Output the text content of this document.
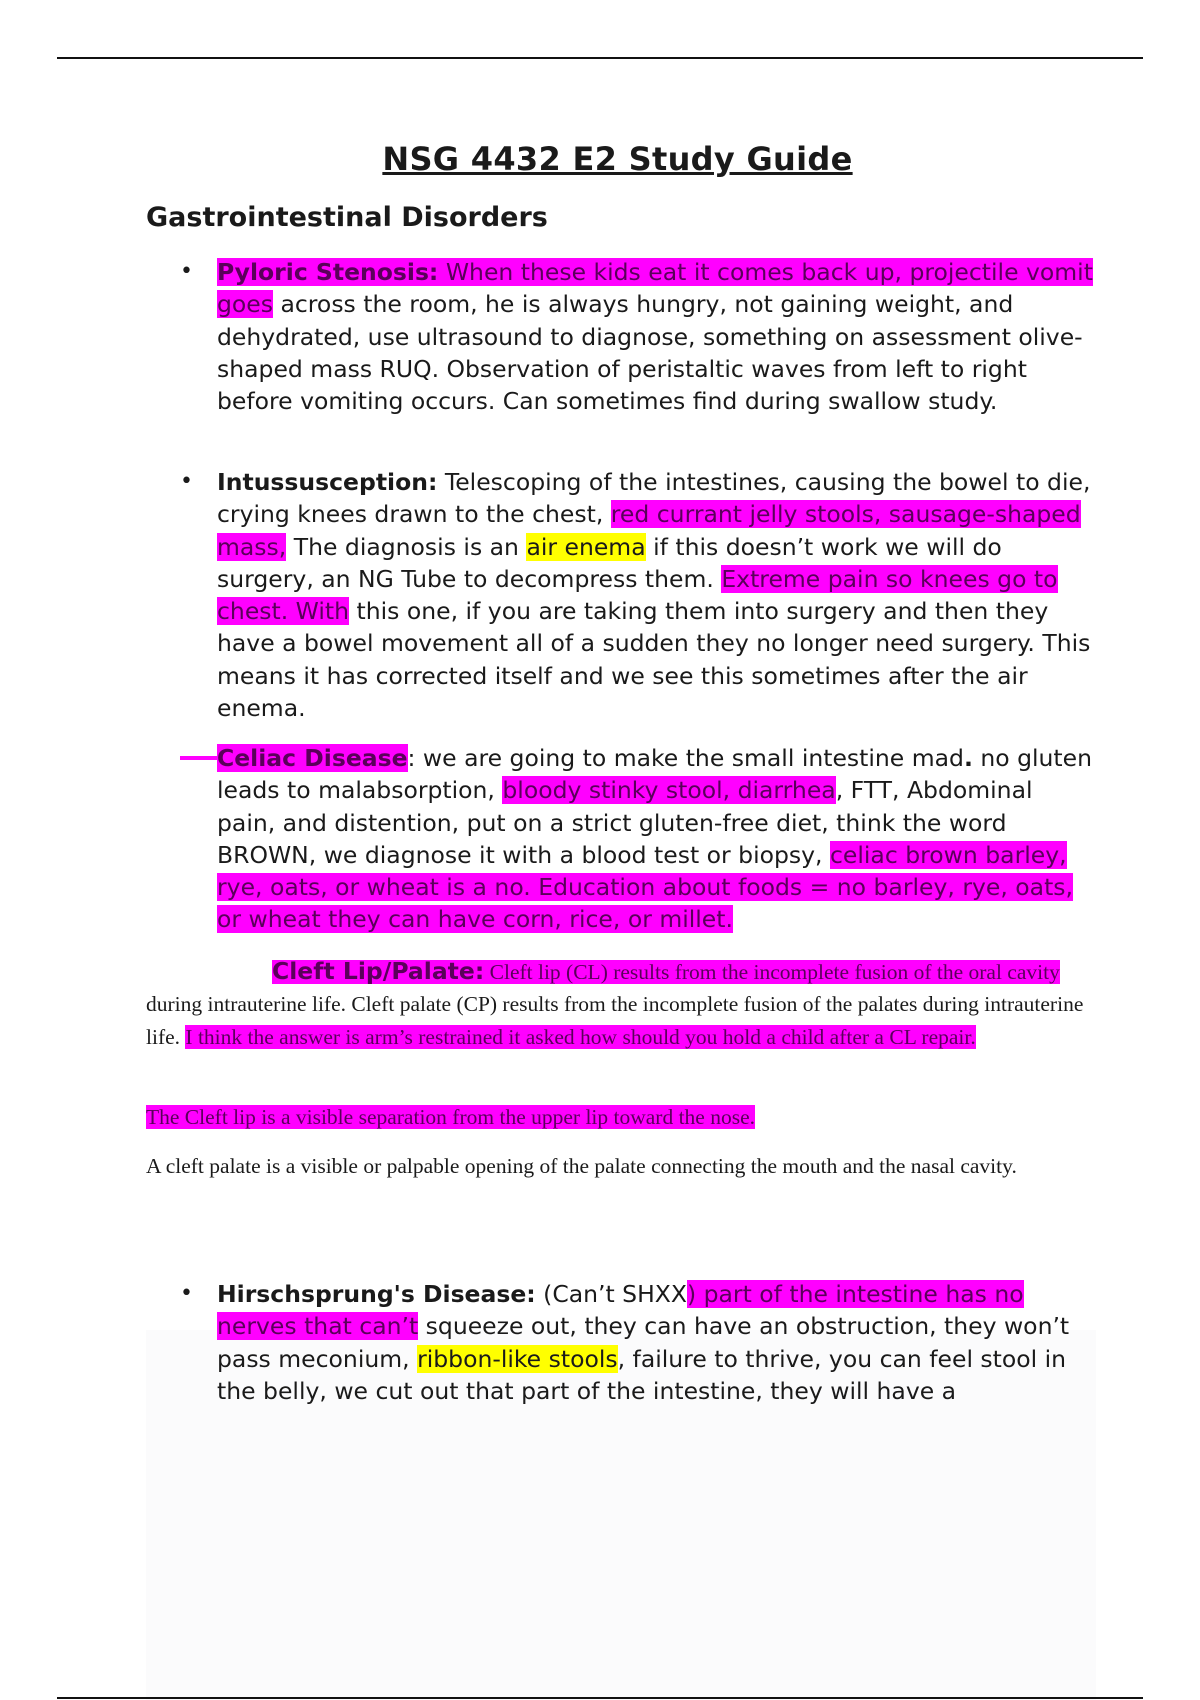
NSG 4432 E2 Study Guide
Gastrointestinal Disorders
• Pyloric Stenosis: When these kids eat it comes back up, projectile vomit goes across the room, he is always hungry, not gaining weight, and dehydrated, use ultrasound to diagnose, something on assessment olive-shaped mass RUQ. Observation of peristaltic waves from left to right before vomiting occurs. Can sometimes find during swallow study.
• Intussusception: Telescoping of the intestines, causing the bowel to die, crying knees drawn to the chest, red currant jelly stools, sausage-shaped mass, The diagnosis is an air enema if this doesn’t work we will do surgery, an NG Tube to decompress them. Extreme pain so knees go to chest. With this one, if you are taking them into surgery and then they have a bowel movement all of a sudden they no longer need surgery. This means it has corrected itself and we see this sometimes after the air enema.
Celiac Disease: we are going to make the small intestine mad. no gluten leads to malabsorption, bloody stinky stool, diarrhea, FTT, Abdominal pain, and distention, put on a strict gluten-free diet, think the word BROWN, we diagnose it with a blood test or biopsy, celiac brown barley, rye, oats, or wheat is a no. Education about foods = no barley, rye, oats, or wheat they can have corn, rice, or millet.
Cleft Lip/Palate: Cleft lip (CL) results from the incomplete fusion of the oral cavity during intrauterine life. Cleft palate (CP) results from the incomplete fusion of the palates during intrauterine life. I think the answer is arm’s restrained it asked how should you hold a child after a CL repair.
The Cleft lip is a visible separation from the upper lip toward the nose.
A cleft palate is a visible or palpable opening of the palate connecting the mouth and the nasal cavity.
• Hirschsprung's Disease: (Can’t SHXX) part of the intestine has no nerves that can’t squeeze out, they can have an obstruction, they won’t pass meconium, ribbon-like stools, failure to thrive, you can feel stool in the belly, we cut out that part of the intestine, they will have a
